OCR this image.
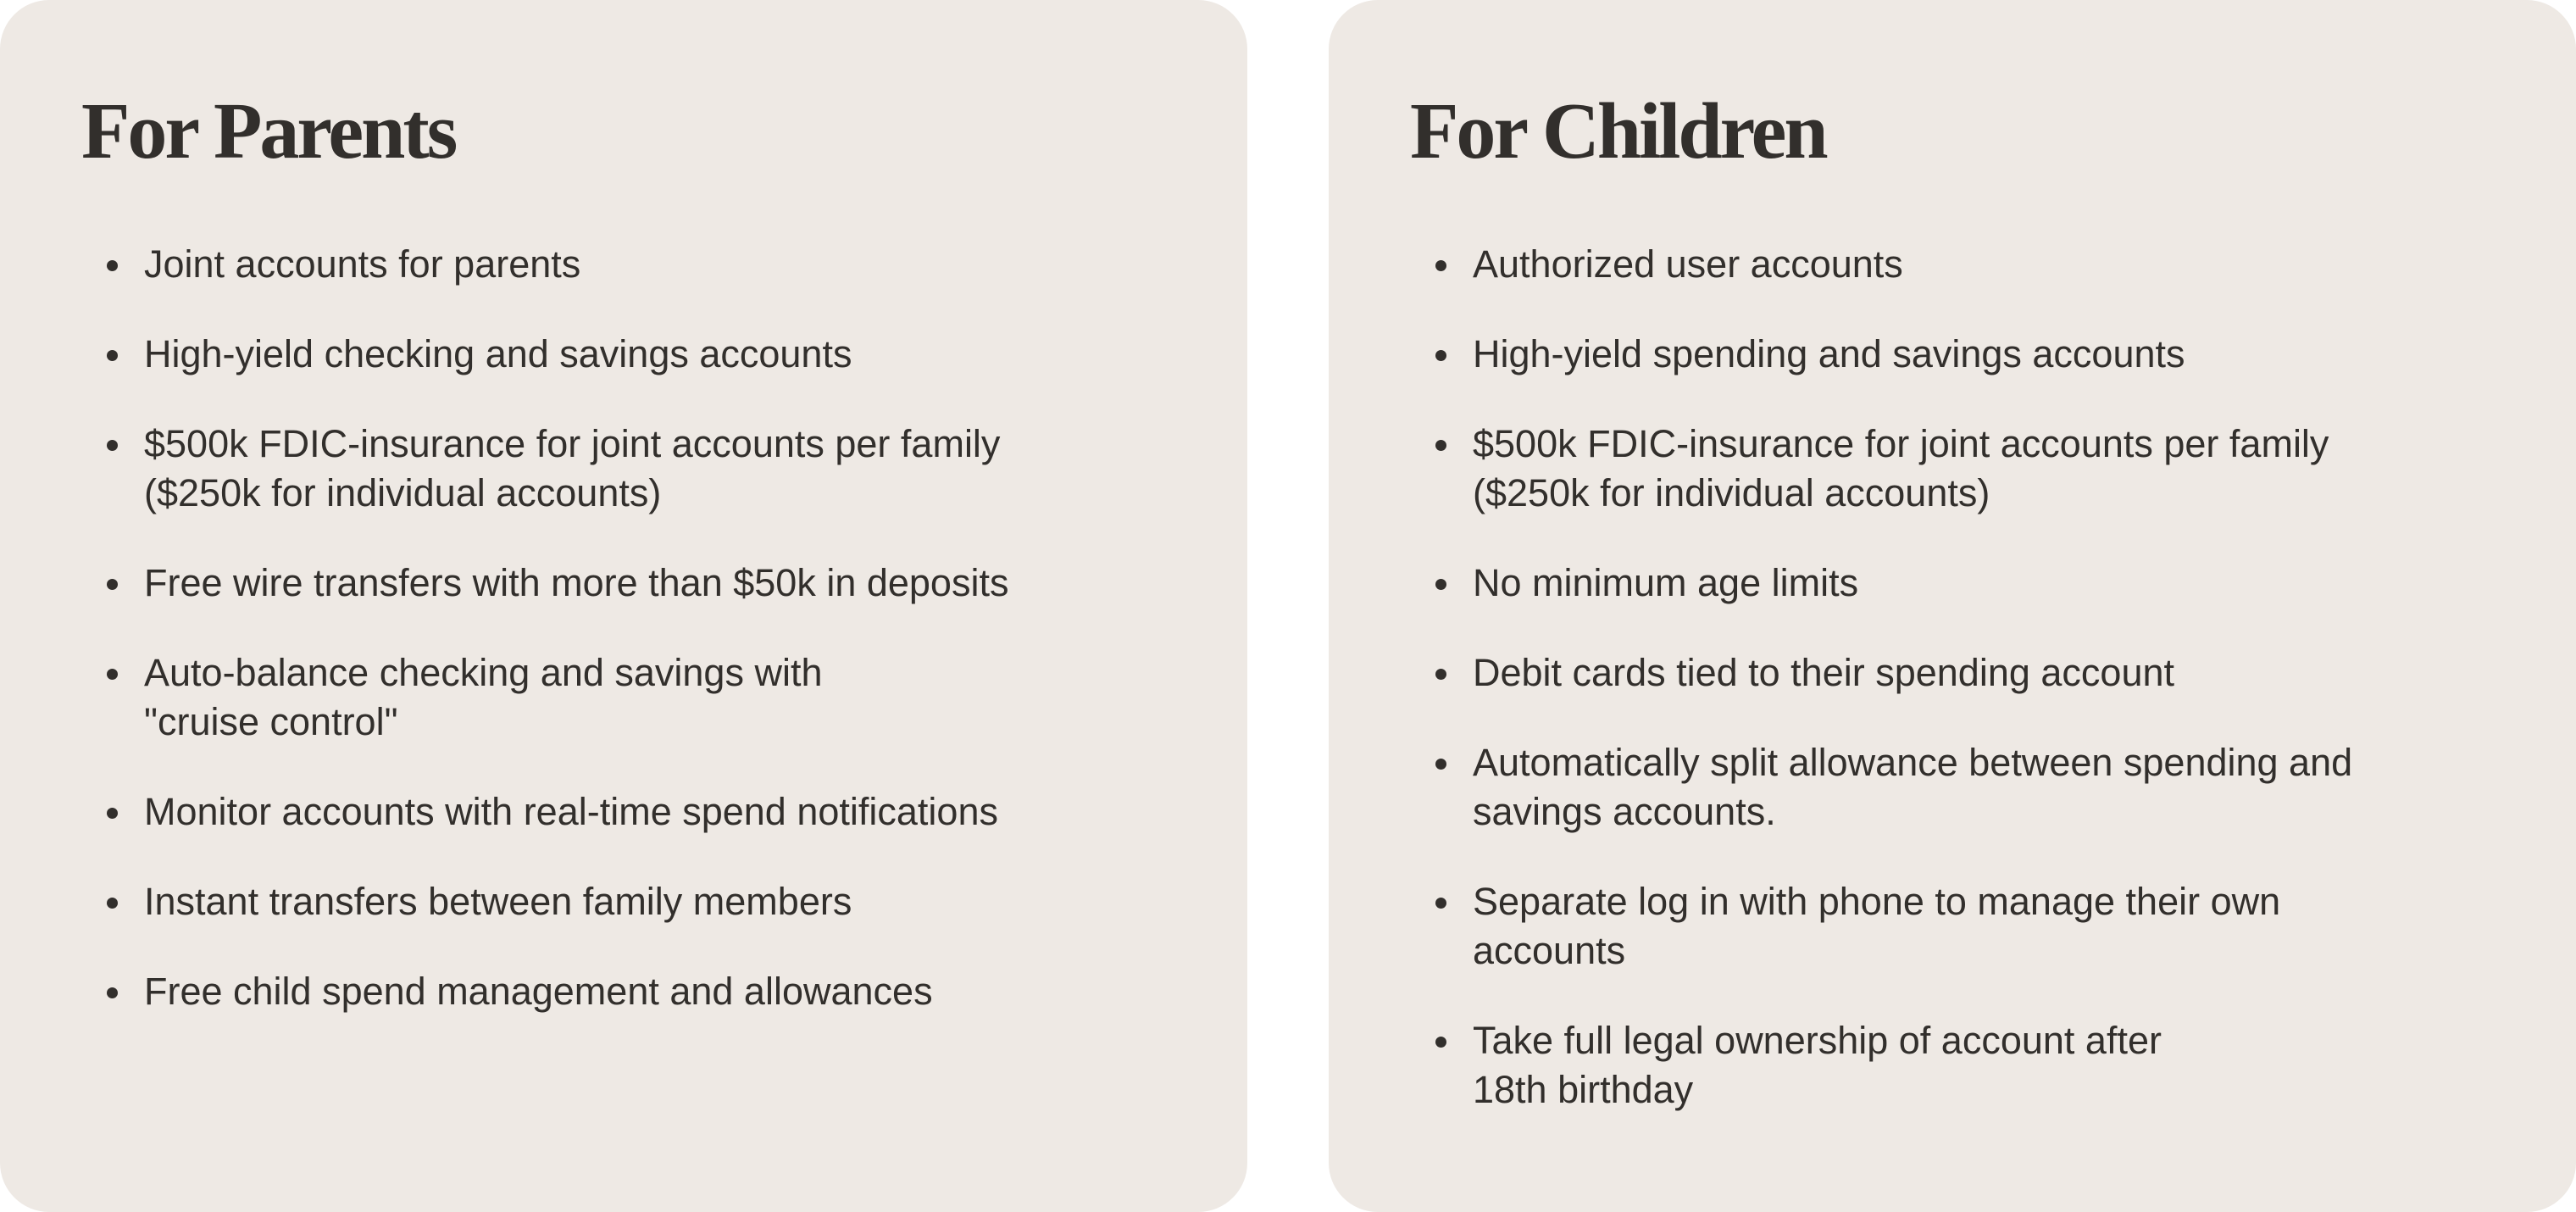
For Parents
Joint accounts for parents
High-yield checking and savings accounts
$500k FDIC-insurance for joint accounts per family
($250k for individual accounts)
Free wire transfers with more than $50k in deposits
Auto-balance checking and savings with
"cruise control"
Monitor accounts with real-time spend notifications
Instant transfers between family members
Free child spend management and allowances
For Children
Authorized user accounts
High-yield spending and savings accounts
$500k FDIC-insurance for joint accounts per family
($250k for individual accounts)
No minimum age limits
Debit cards tied to their spending account
Automatically split allowance between spending and
savings accounts.
Separate log in with phone to manage their own
accounts
Take full legal ownership of account after
18th birthday
